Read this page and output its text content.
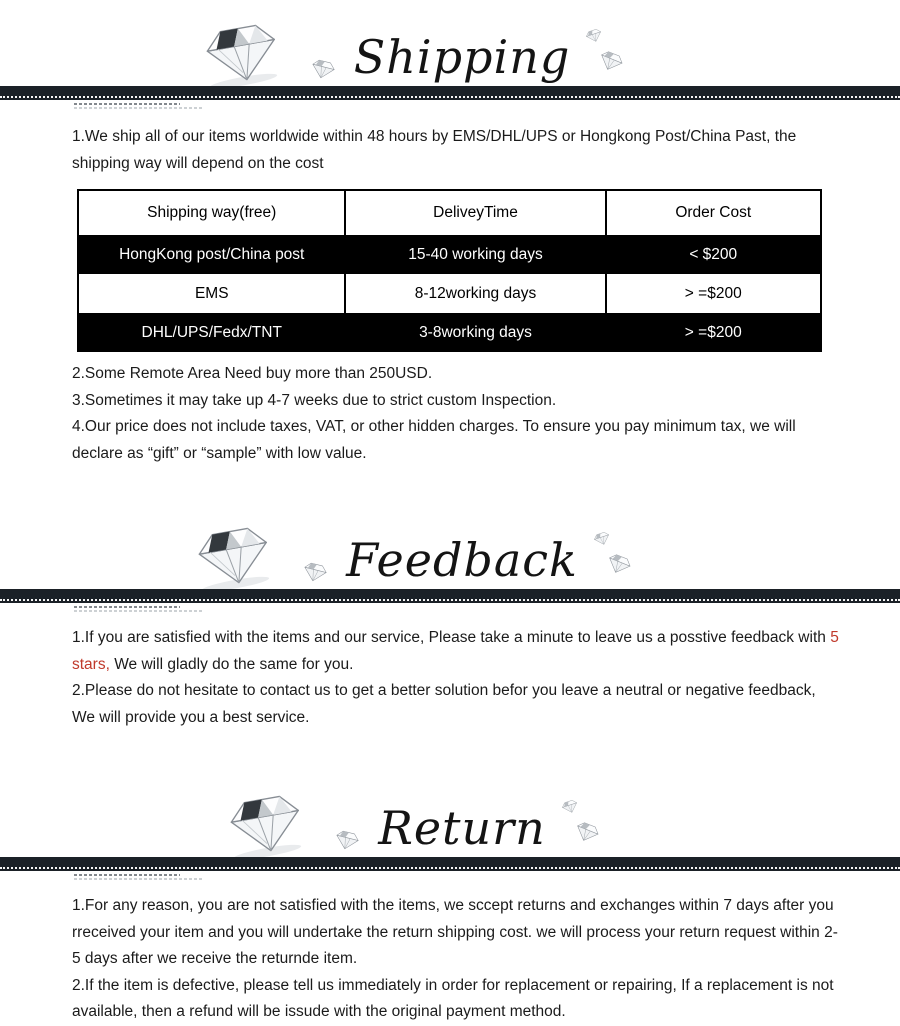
Shipping

1.We ship all of our items worldwide within 48 hours by EMS/DHL/UPS or Hongkong Post/China Past, the shipping way will depend on the cost

Shipping way(free)	DeliveyTime	Order Cost
HongKong post/China post	15-40 working days	< $200
EMS	8-12working days	> =$200
DHL/UPS/Fedx/TNT	3-8working days	> =$200

2.Some Remote Area Need buy more than 250USD.

3.Sometimes it may take up 4-7 weeks due to strict custom Inspection.

4.Our price does not include taxes, VAT, or other hidden charges. To ensure you pay minimum tax, we will declare as “gift” or “sample” with low value.

Feedback

1.If you are satisfied with the items and our service, Please take a minute to leave us a posstive feedback with 5 stars, We will gladly do the same for you.

2.Please do not hesitate to contact us to get a better solution befor you leave a neutral or negative feedback, We will provide you a best service.

Return

1.For any reason, you are not satisfied with the items, we sccept returns and exchanges within 7 days after you rreceived your item and you will undertake the return shipping cost. we will process your return request within 2-5 days after we receive the returnde item.

2.If the item is defective, please tell us immediately in order for replacement or repairing, If a replacement is not available, then a refund will be issude with the original payment method.
